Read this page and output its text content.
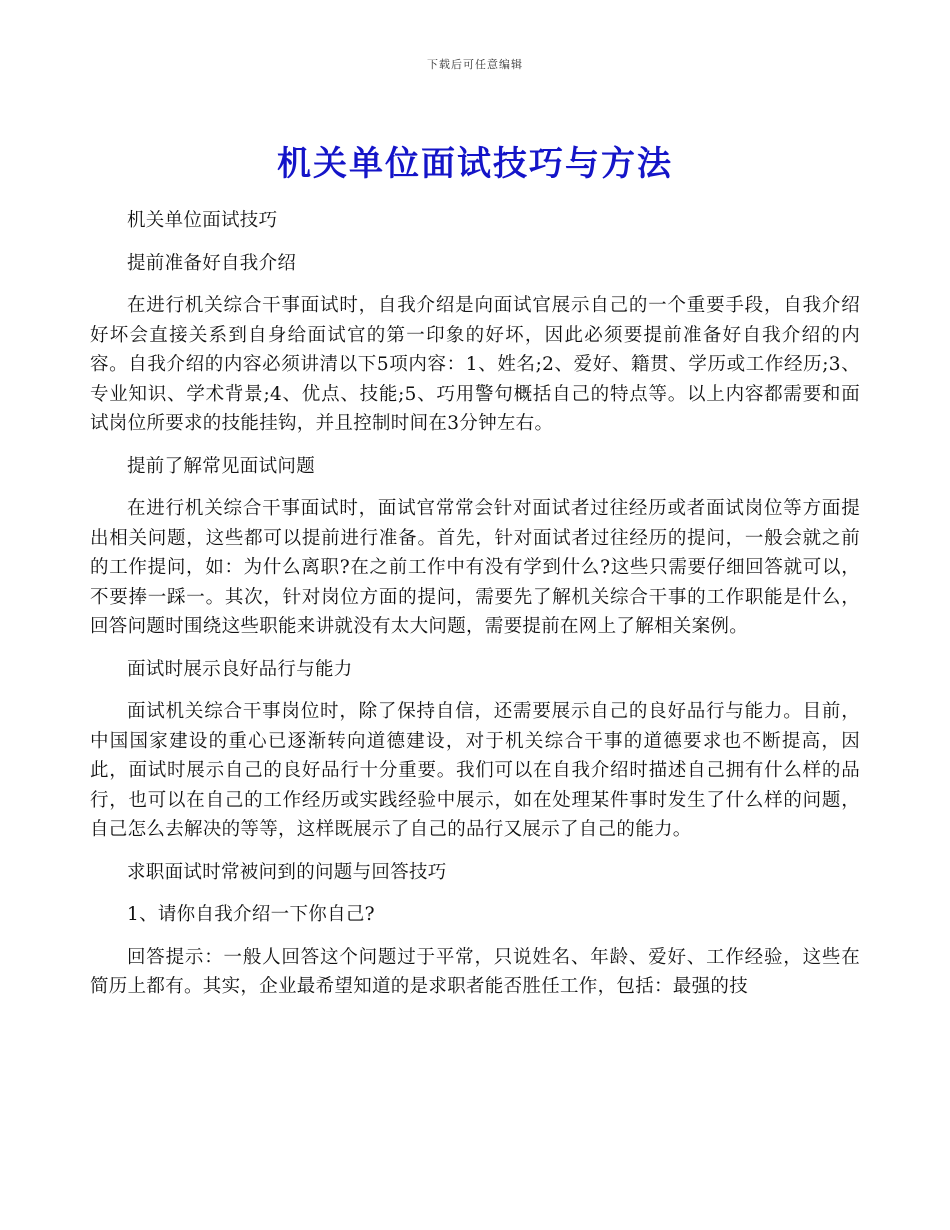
下载后可任意编辑
机关单位面试技巧与方法
机关单位面试技巧
提前准备好自我介绍
在进行机关综合干事面试时，自我介绍是向面试官展示自己的一个重要手段，自我介绍好坏会直接关系到自身给面试官的第一印象的好坏，因此必须要提前准备好自我介绍的内容。自我介绍的内容必须讲清以下5项内容：1、姓名;2、爱好、籍贯、学历或工作经历;3、专业知识、学术背景;4、优点、技能;5、巧用警句概括自己的特点等。以上内容都需要和面试岗位所要求的技能挂钩，并且控制时间在3分钟左右。
提前了解常见面试问题
在进行机关综合干事面试时，面试官常常会针对面试者过往经历或者面试岗位等方面提出相关问题，这些都可以提前进行准备。首先，针对面试者过往经历的提问，一般会就之前的工作提问，如：为什么离职?在之前工作中有没有学到什么?这些只需要仔细回答就可以，不要捧一踩一。其次，针对岗位方面的提问，需要先了解机关综合干事的工作职能是什么，回答问题时围绕这些职能来讲就没有太大问题，需要提前在网上了解相关案例。
面试时展示良好品行与能力
面试机关综合干事岗位时，除了保持自信，还需要展示自己的良好品行与能力。目前，中国国家建设的重心已逐渐转向道德建设，对于机关综合干事的道德要求也不断提高，因此，面试时展示自己的良好品行十分重要。我们可以在自我介绍时描述自己拥有什么样的品行，也可以在自己的工作经历或实践经验中展示，如在处理某件事时发生了什么样的问题，自己怎么去解决的等等，这样既展示了自己的品行又展示了自己的能力。
求职面试时常被问到的问题与回答技巧
1、请你自我介绍一下你自己?
回答提示：一般人回答这个问题过于平常，只说姓名、年龄、爱好、工作经验，这些在简历上都有。其实，企业最希望知道的是求职者能否胜任工作，包括：最强的技
